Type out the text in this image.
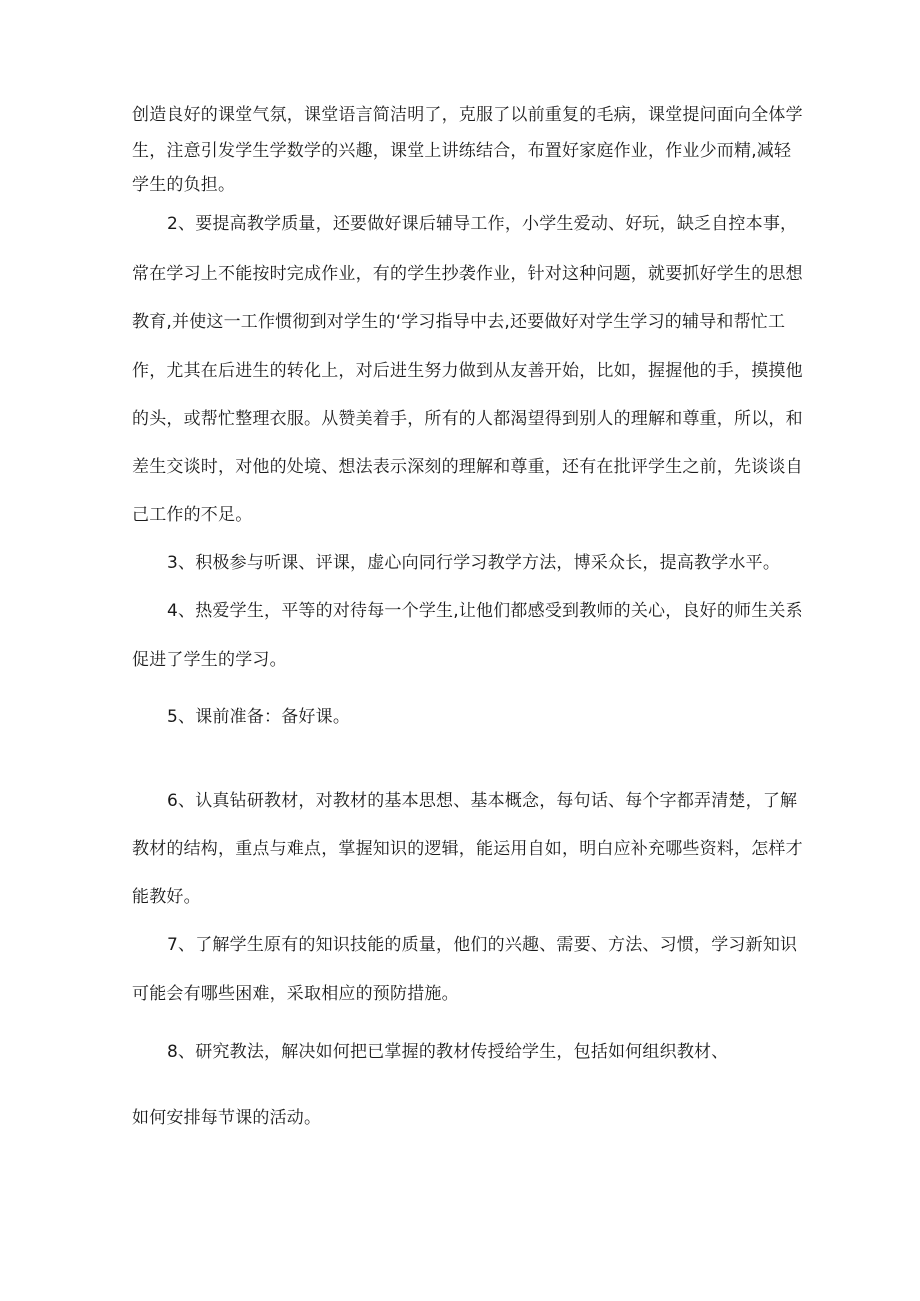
创造良好的课堂气氛，课堂语言简洁明了，克服了以前重复的毛病，课堂提问面向全体学
生，注意引发学生学数学的兴趣，课堂上讲练结合，布置好家庭作业，作业少而精,减轻
学生的负担。
2、要提高教学质量，还要做好课后辅导工作，小学生爱动、好玩，缺乏自控本事，
常在学习上不能按时完成作业，有的学生抄袭作业，针对这种问题，就要抓好学生的思想
教育,并使这一工作惯彻到对学生的‘学习指导中去,还要做好对学生学习的辅导和帮忙工
作，尤其在后进生的转化上，对后进生努力做到从友善开始，比如，握握他的手，摸摸他
的头，或帮忙整理衣服。从赞美着手，所有的人都渴望得到别人的理解和尊重，所以，和
差生交谈时，对他的处境、想法表示深刻的理解和尊重，还有在批评学生之前，先谈谈自
己工作的不足。
3、积极参与听课、评课，虚心向同行学习教学方法，博采众长，提高教学水平。
4、热爱学生，平等的对待每一个学生,让他们都感受到教师的关心，良好的师生关系
促进了学生的学习。
5、课前准备：备好课。
6、认真钻研教材，对教材的基本思想、基本概念，每句话、每个字都弄清楚，了解
教材的结构，重点与难点，掌握知识的逻辑，能运用自如，明白应补充哪些资料，怎样才
能教好。
7、了解学生原有的知识技能的质量，他们的兴趣、需要、方法、习惯，学习新知识
可能会有哪些困难，采取相应的预防措施。
8、研究教法，解决如何把已掌握的教材传授给学生，包括如何组织教材、
如何安排每节课的活动。
